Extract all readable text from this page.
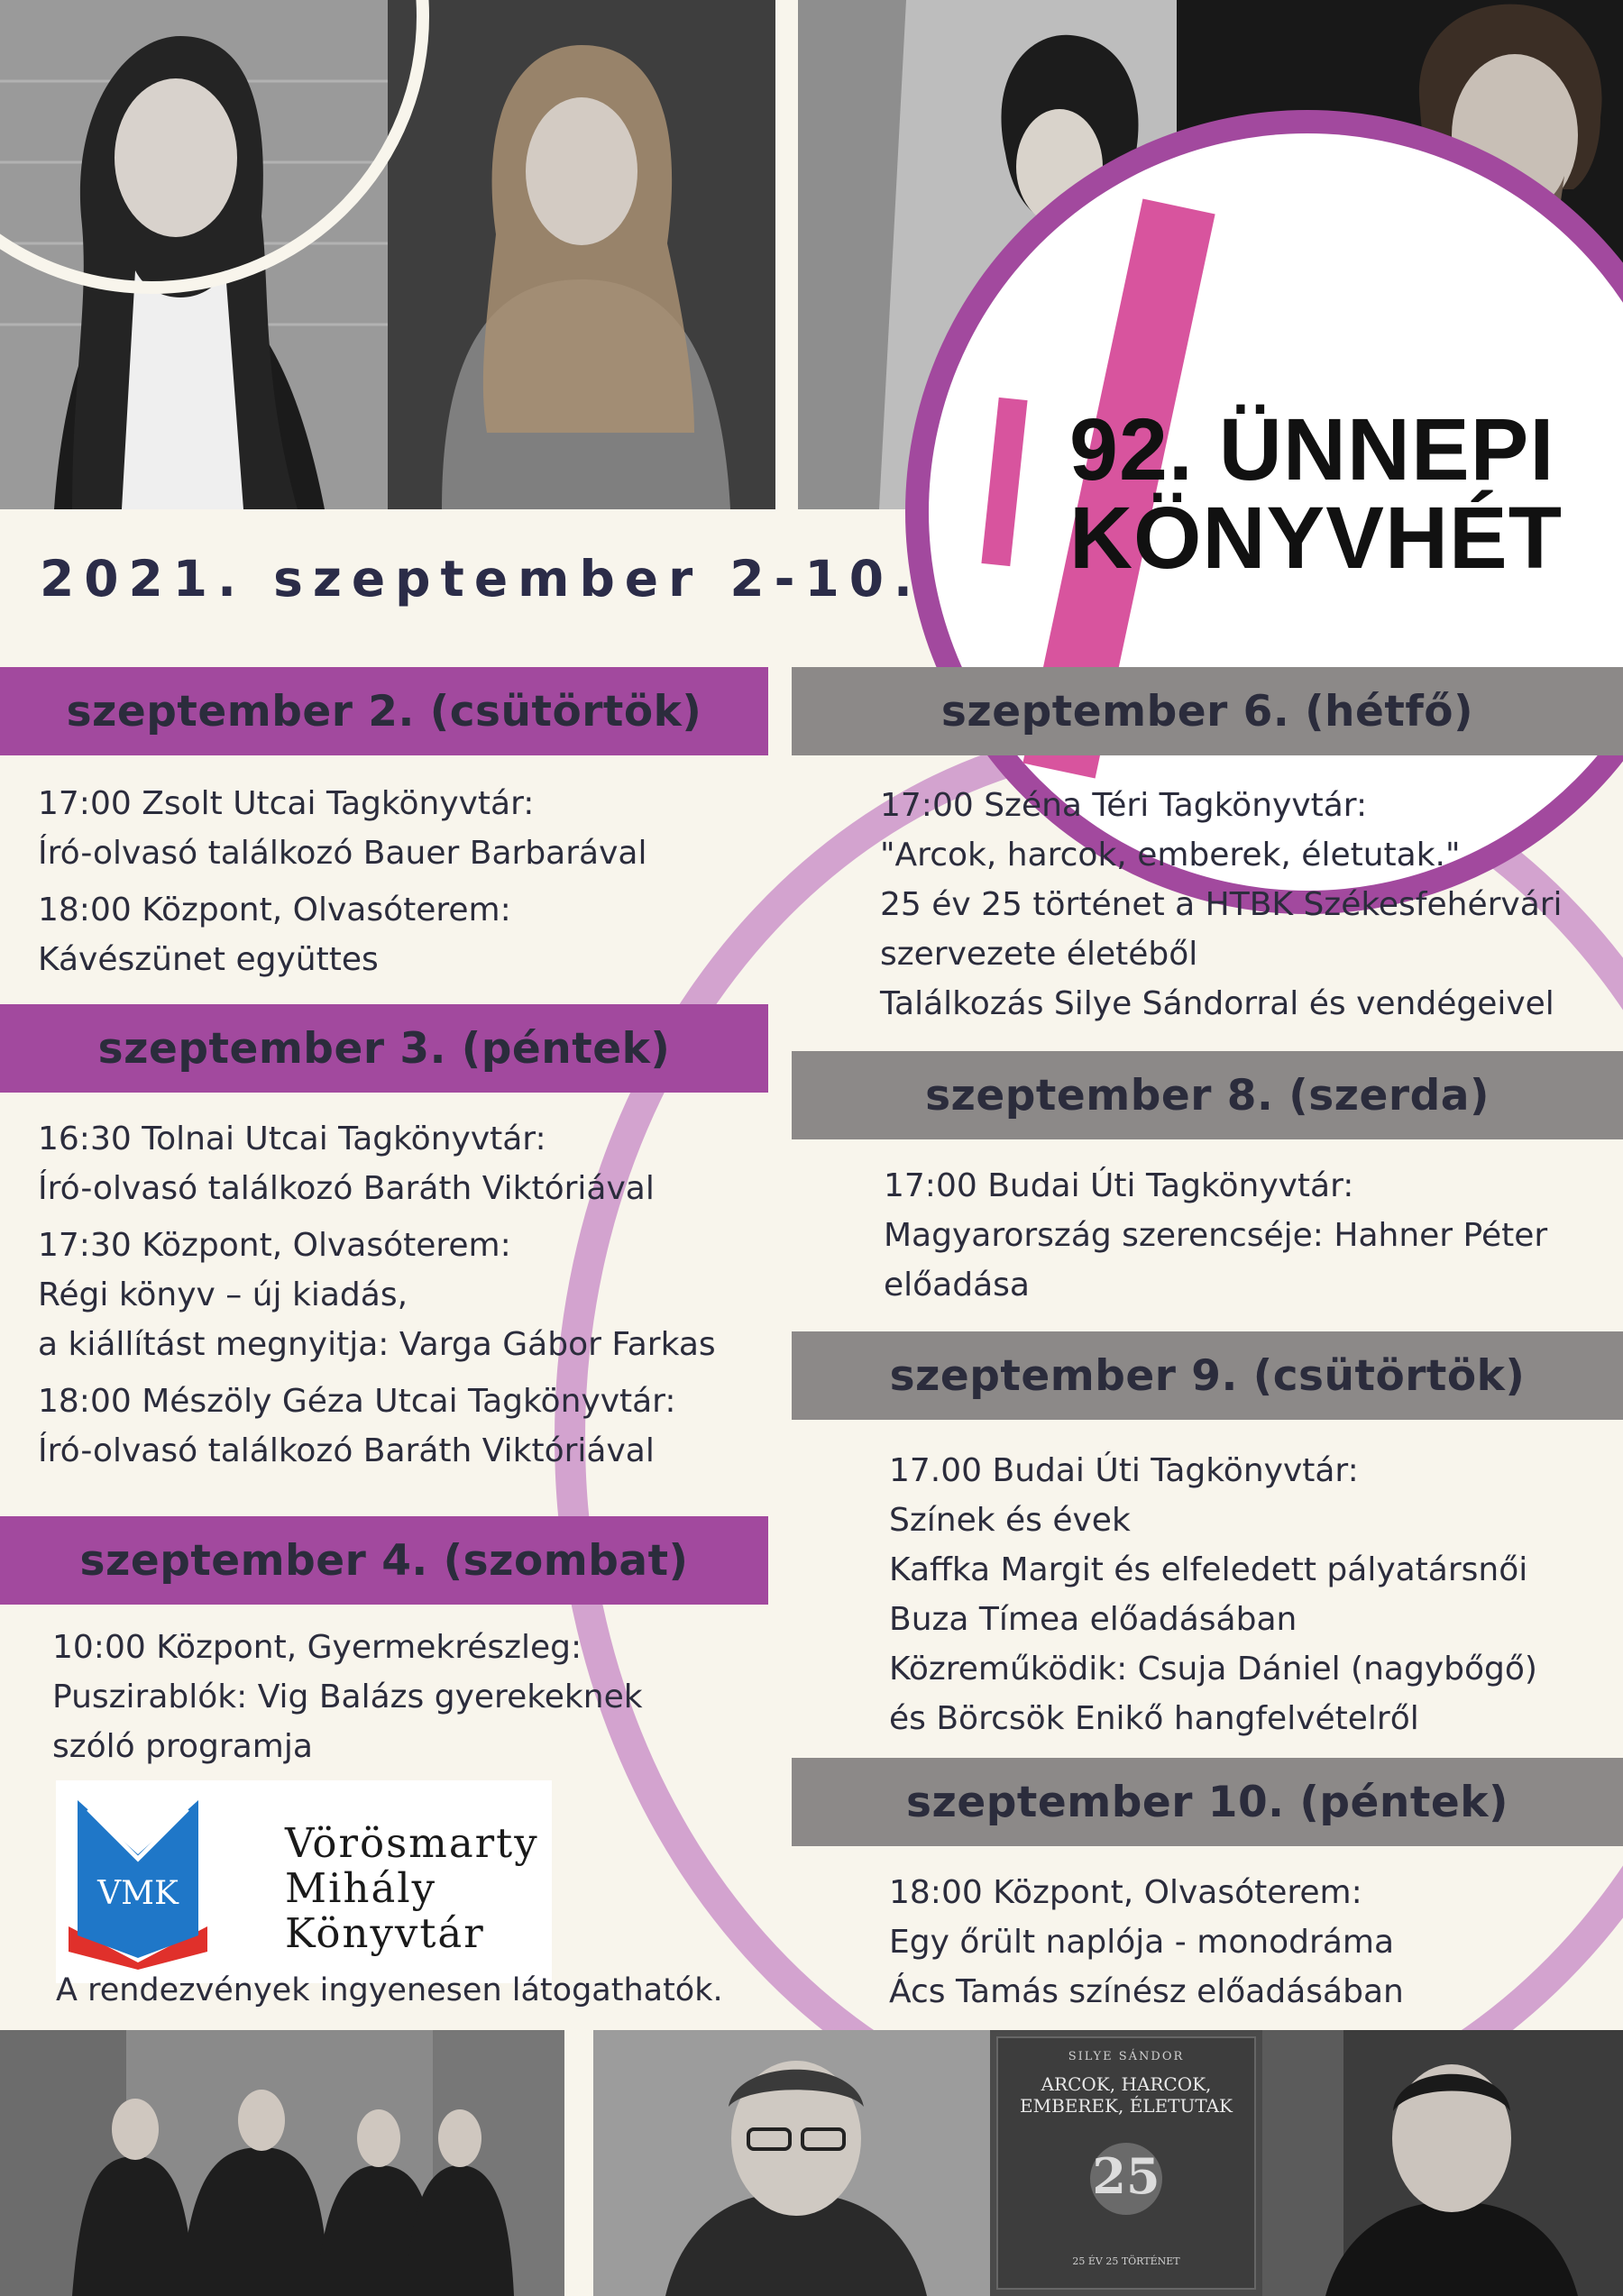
92. ÜNNEPI
KÖNYVHÉT

2021. szeptember 2-10.

szeptember 2. (csütörtök)
17:00 Zsolt Utcai Tagkönyvtár:
Író-olvasó találkozó Bauer Barbarával
18:00 Központ, Olvasóterem:
Kávészünet együttes
szeptember 3. (péntek)
16:30 Tolnai Utcai Tagkönyvtár:
Író-olvasó találkozó Baráth Viktóriával
17:30 Központ, Olvasóterem:
Régi könyv – új kiadás,
a kiállítást megnyitja: Varga Gábor Farkas
18:00 Mészöly Géza Utcai Tagkönyvtár:
Író-olvasó találkozó Baráth Viktóriával
szeptember 4. (szombat)
10:00 Központ, Gyermekrészleg:
Puszirablók: Vig Balázs gyerekeknek
szóló programja
szeptember 6. (hétfő)
17:00 Széna Téri Tagkönyvtár:
"Arcok, harcok, emberek, életutak."
25 év 25 történet a HTBK Székesfehérvári
szervezete életéből
Találkozás Silye Sándorral és vendégeivel
szeptember 8. (szerda)
17:00 Budai Úti Tagkönyvtár:
Magyarország szerencséje: Hahner Péter
előadása
szeptember 9. (csütörtök)
17.00 Budai Úti Tagkönyvtár:
Színek és évek
Kaffka Margit és elfeledett pályatársnői
Buza Tímea előadásában
Közreműködik: Csuja Dániel (nagybőgő)
és Börcsök Enikő hangfelvételről
szeptember 10. (péntek)
18:00 Központ, Olvasóterem:
Egy őrült naplója - monodráma
Ács Tamás színész előadásában
VMK
Vörösmarty
Mihály
Könyvtár
A rendezvények ingyenesen látogathatók.
SILYE SÁNDOR
ARCOK, HARCOK, EMBEREK, ÉLETUTAK
25
25 ÉV 25 TÖRTÉNET
